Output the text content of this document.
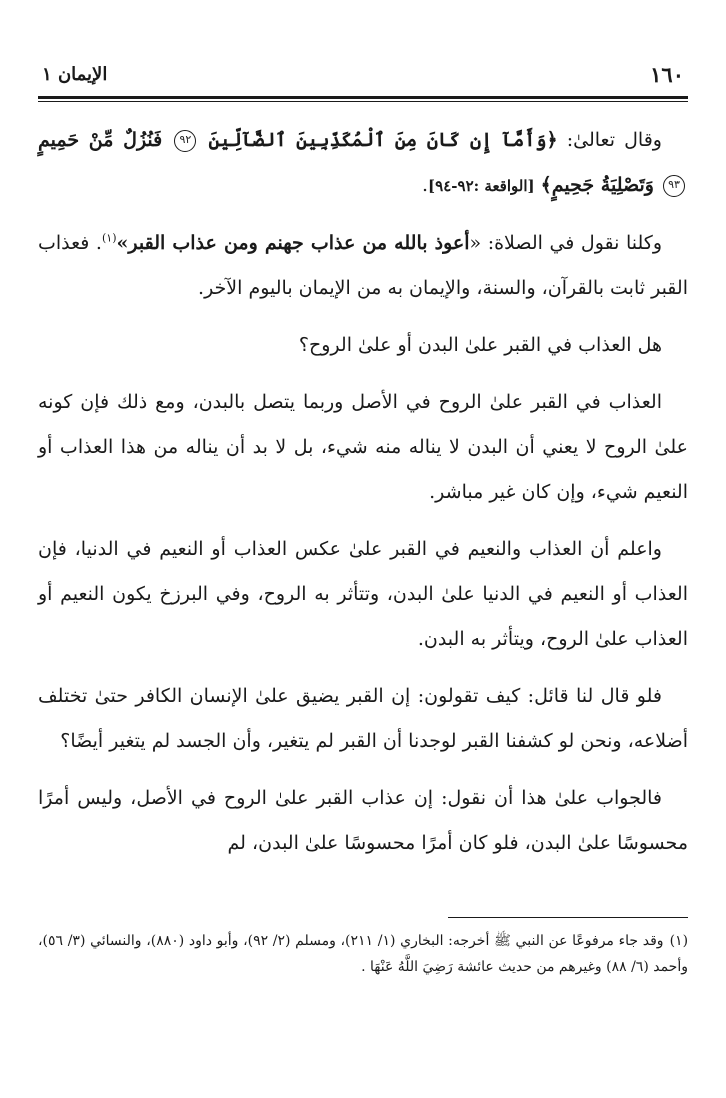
١٦٠
الإيمان ١

وقال تعالىٰ: ﴿وَأَمَّآ إِن كَانَ مِنَ ٱلْمُكَذِّبِينَ ٱلضَّآلِّينَ ٩٢ فَنُزُلٌ مِّنْ حَمِيمٍ ٩٣ وَتَصْلِيَةُ جَحِيمٍ﴾ [الواقعة :٩٢-٩٤].

وكلنا نقول في الصلاة: «أعوذ بالله من عذاب جهنم ومن عذاب القبر»$^{(١)}$. فعذاب القبر ثابت بالقرآن، والسنة، والإيمان به من الإيمان باليوم الآخر.

هل العذاب في القبر علىٰ البدن أو علىٰ الروح؟

العذاب في القبر علىٰ الروح في الأصل وربما يتصل بالبدن، ومع ذلك فإن كونه علىٰ الروح لا يعني أن البدن لا يناله منه شيء، بل لا بد أن يناله من هذا العذاب أو النعيم شيء، وإن كان غير مباشر.

واعلم أن العذاب والنعيم في القبر علىٰ عكس العذاب أو النعيم في الدنيا، فإن العذاب أو النعيم في الدنيا علىٰ البدن، وتتأثر به الروح، وفي البرزخ يكون النعيم أو العذاب علىٰ الروح، ويتأثر به البدن.

فلو قال لنا قائل: كيف تقولون: إن القبر يضيق علىٰ الإنسان الكافر حتىٰ تختلف أضلاعه، ونحن لو كشفنا القبر لوجدنا أن القبر لم يتغير، وأن الجسد لم يتغير أيضًا؟

فالجواب علىٰ هذا أن نقول: إن عذاب القبر علىٰ الروح في الأصل، وليس أمرًا محسوسًا علىٰ البدن، فلو كان أمرًا محسوسًا علىٰ البدن، لم

(١)وقد جاء مرفوعًا عن النبي ﷺ أخرجه: البخاري (١/ ٢١١)، ومسلم (٢/ ٩٢)، وأبو داود (٨٨٠)، والنسائي (٣/ ٥٦)، وأحمد (٦/ ٨٨) وغيرهم من حديث عائشة رَضِيَ اللَّهُ عَنْهَا .
